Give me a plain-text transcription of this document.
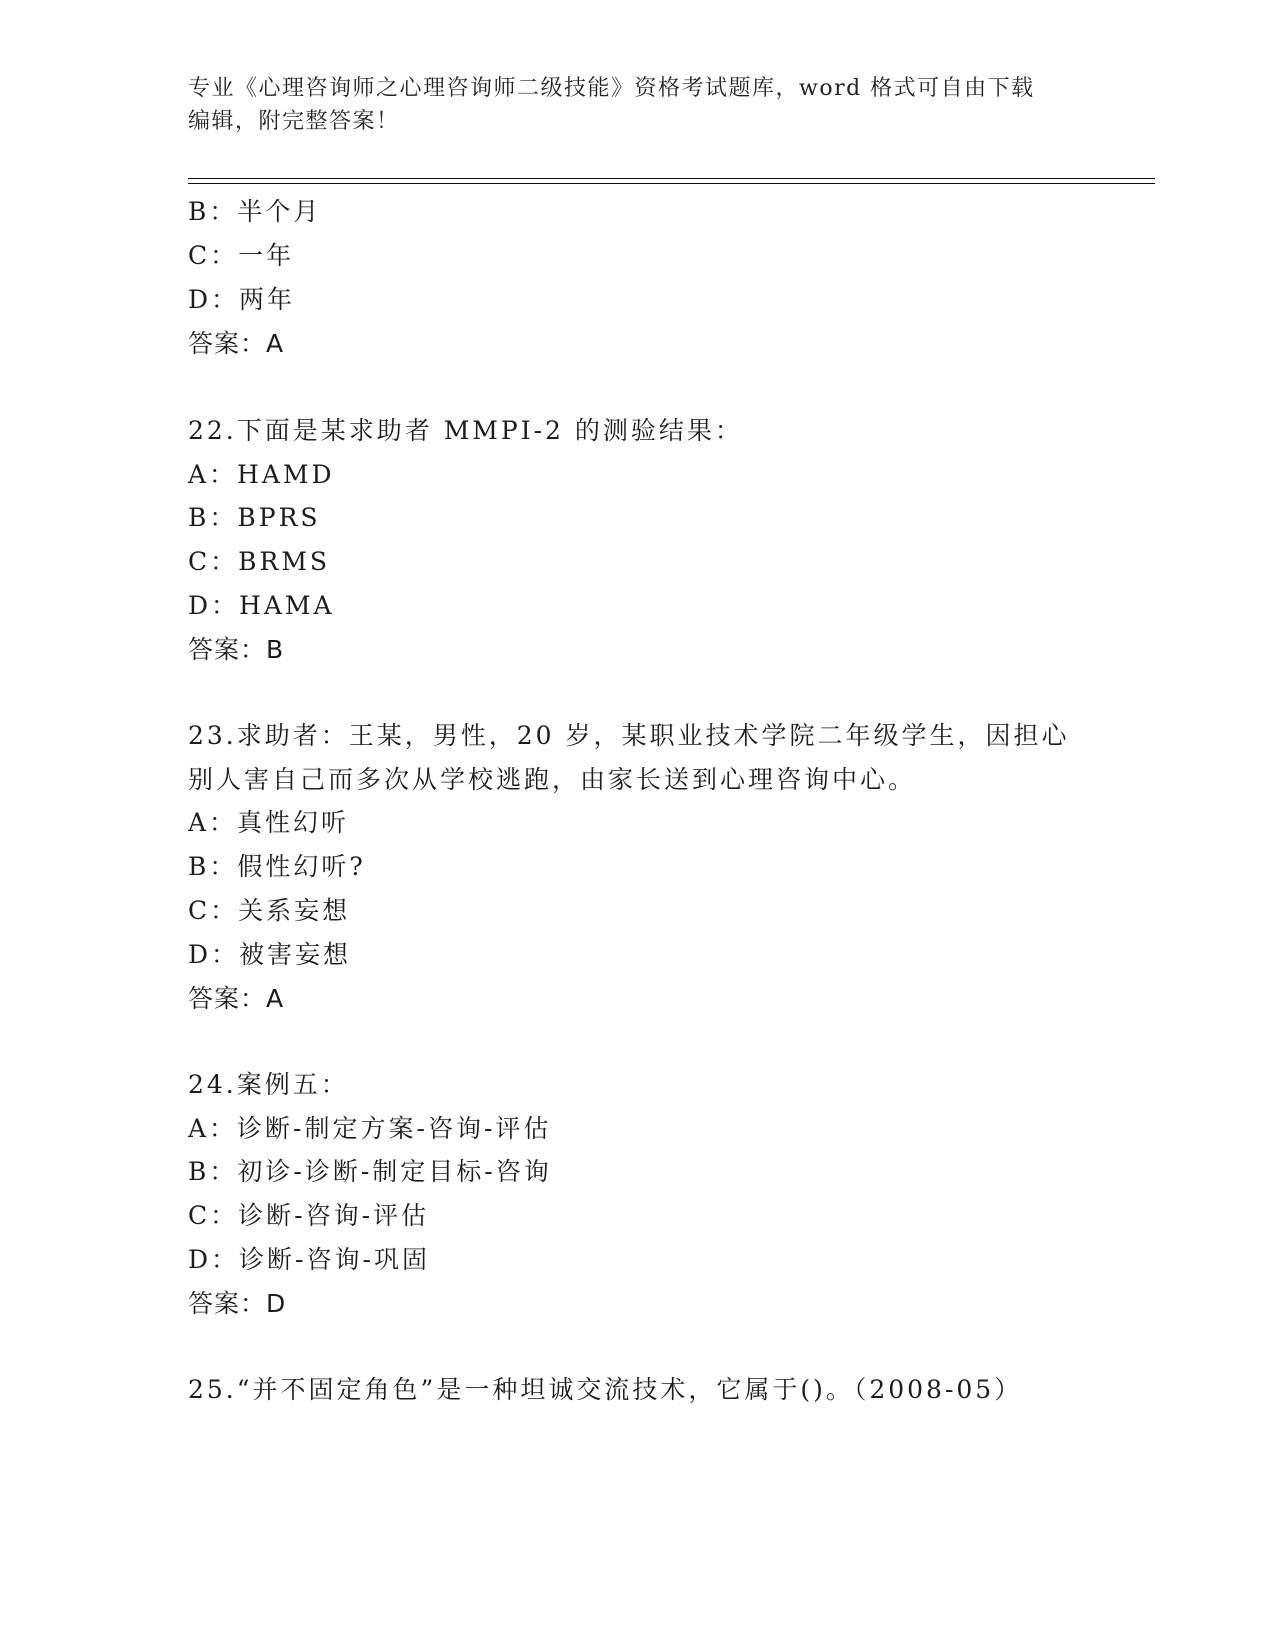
专业《心理咨询师之心理咨询师二级技能》资格考试题库，word 格式可自由下载
编辑，附完整答案！
B：半个月
C：一年
D：两年
答案：A
22.下面是某求助者 MMPI-2 的测验结果：
A：HAMD
B：BPRS
C：BRMS
D：HAMA
答案：B
23.求助者：王某，男性，20 岁，某职业技术学院二年级学生，因担心
别人害自己而多次从学校逃跑，由家长送到心理咨询中心。
A：真性幻听
B：假性幻听?
C：关系妄想
D：被害妄想
答案：A
24.案例五：
A：诊断-制定方案-咨询-评估
B：初诊-诊断-制定目标-咨询
C：诊断-咨询-评估
D：诊断-咨询-巩固
答案：D
25.“并不固定角色”是一种坦诚交流技术，它属于()。（2008-05）
